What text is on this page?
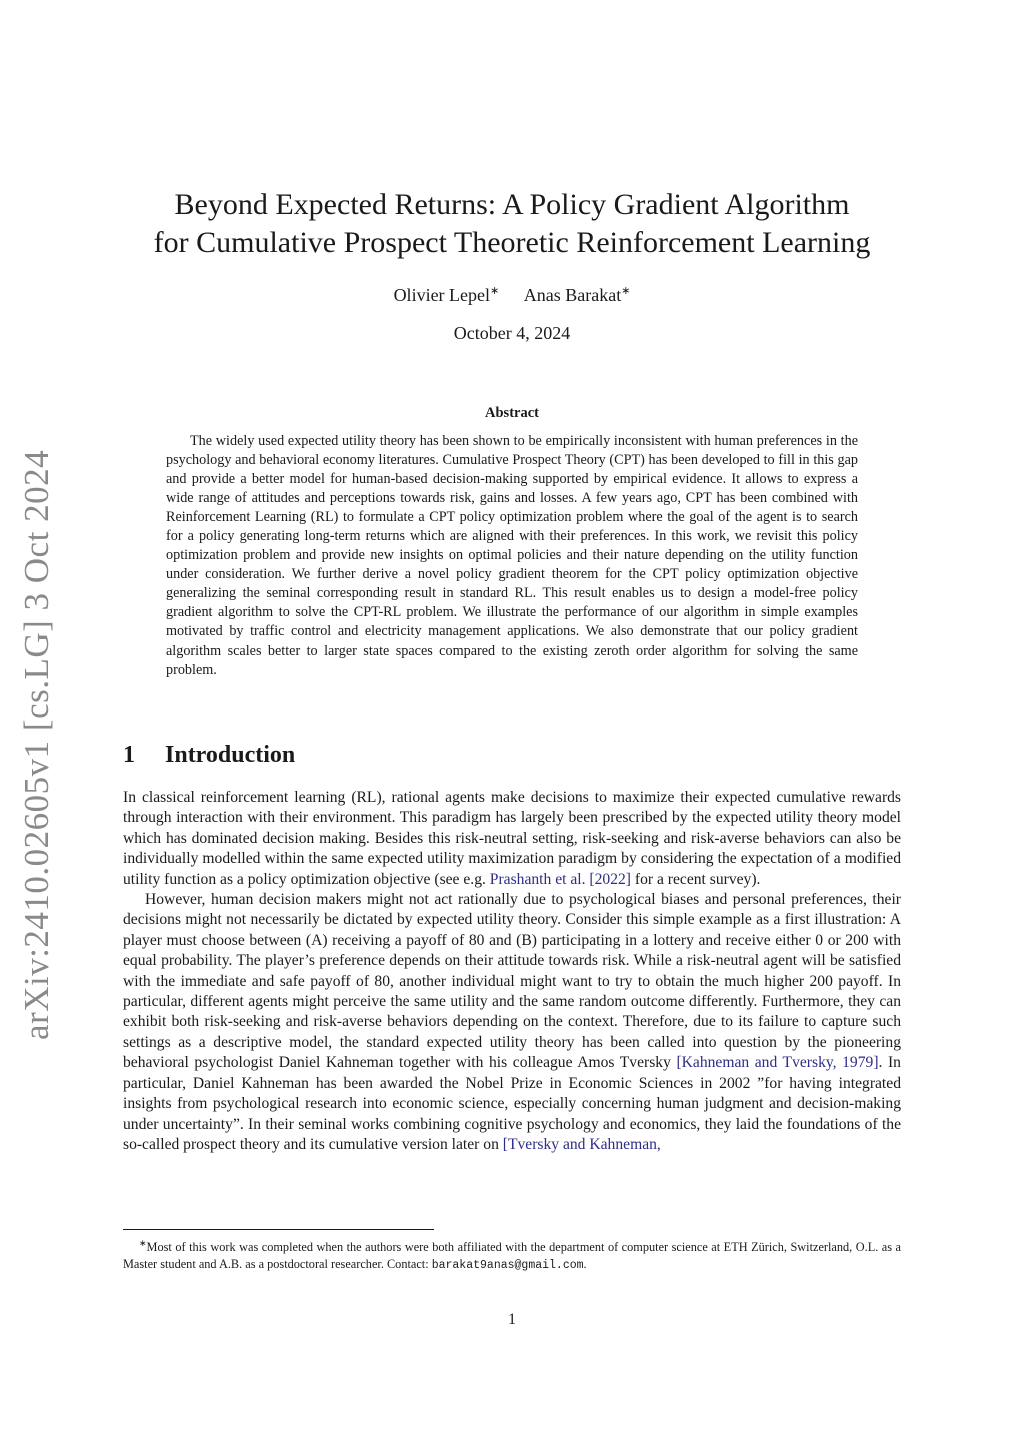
arXiv:2410.02605v1 [cs.LG] 3 Oct 2024
Beyond Expected Returns: A Policy Gradient Algorithm
for Cumulative Prospect Theoretic Reinforcement Learning
Olivier Lepel∗ Anas Barakat∗
October 4, 2024
Abstract
The widely used expected utility theory has been shown to be empirically inconsistent with human preferences in the psychology and behavioral economy literatures. Cumulative Prospect Theory (CPT) has been developed to fill in this gap and provide a better model for human-based decision-making supported by empirical evidence. It allows to express a wide range of attitudes and perceptions towards risk, gains and losses. A few years ago, CPT has been combined with Reinforcement Learning (RL) to formulate a CPT policy optimization problem where the goal of the agent is to search for a policy generating long-term returns which are aligned with their preferences. In this work, we revisit this policy optimization problem and provide new insights on optimal policies and their nature depending on the utility function under consideration. We further derive a novel policy gradient theorem for the CPT policy optimization objective generalizing the seminal corresponding result in standard RL. This result enables us to design a model-free policy gradient algorithm to solve the CPT-RL problem. We illustrate the performance of our algorithm in simple examples motivated by traffic control and electricity management applications. We also demonstrate that our policy gradient algorithm scales better to larger state spaces compared to the existing zeroth order algorithm for solving the same problem.
1 Introduction

In classical reinforcement learning (RL), rational agents make decisions to maximize their expected cumulative rewards through interaction with their environment. This paradigm has largely been prescribed by the expected utility theory model which has dominated decision making. Besides this risk-neutral setting, risk-seeking and risk-averse behaviors can also be individually modelled within the same expected utility maximization paradigm by considering the expectation of a modified utility function as a policy optimization objective (see e.g. Prashanth et al. [2022] for a recent survey).

However, human decision makers might not act rationally due to psychological biases and personal preferences, their decisions might not necessarily be dictated by expected utility theory. Consider this simple example as a first illustration: A player must choose between (A) receiving a payoff of 80 and (B) participating in a lottery and receive either 0 or 200 with equal probability. The player’s preference depends on their attitude towards risk. While a risk-neutral agent will be satisfied with the immediate and safe payoff of 80, another individual might want to try to obtain the much higher 200 payoff. In particular, different agents might perceive the same utility and the same random outcome differently. Furthermore, they can exhibit both risk-seeking and risk-averse behaviors depending on the context. Therefore, due to its failure to capture such settings as a descriptive model, the standard expected utility theory has been called into question by the pioneering behavioral psychologist Daniel Kahneman together with his colleague Amos Tversky [Kahneman and Tversky, 1979]. In particular, Daniel Kahneman has been awarded the Nobel Prize in Economic Sciences in 2002 ”for having integrated insights from psychological research into economic science, especially concerning human judgment and decision-making under uncertainty”. In their seminal works combining cognitive psychology and economics, they laid the foundations of the so-called prospect theory and its cumulative version later on [Tversky and Kahneman,

∗Most of this work was completed when the authors were both affiliated with the department of computer science at ETH Zürich, Switzerland, O.L. as a Master student and A.B. as a postdoctoral researcher. Contact: barakat9anas@gmail.com.
1
